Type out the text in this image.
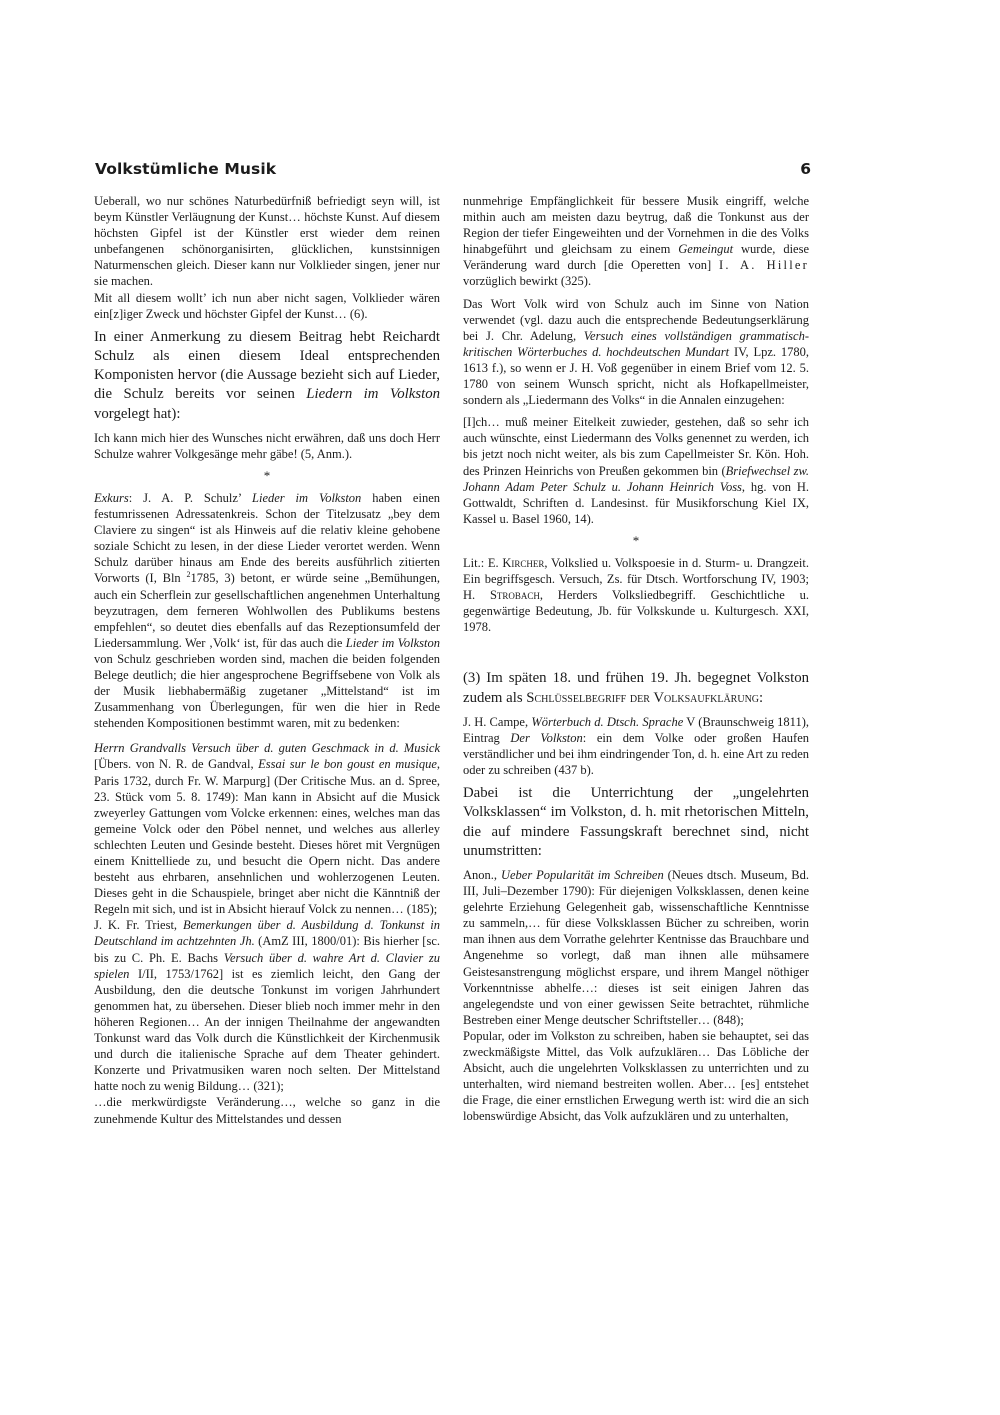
Volkstümliche Musik	6

Ueberall, wo nur schönes Naturbedürfniß befriedigt seyn will, ist beym Künstler Verläugnung der Kunst… höchste Kunst. Auf diesem höchsten Gipfel ist der Künstler erst wieder dem reinen unbefangenen schönorganisirten, glücklichen, kunstsinnigen Naturmenschen gleich. Dieser kann nur Volklieder singen, jener nur sie machen.

Mit all diesem wollt’ ich nun aber nicht sagen, Volklieder wären ein[z]iger Zweck und höchster Gipfel der Kunst… (6).

In einer Anmerkung zu diesem Beitrag hebt Reichardt Schulz als einen diesem Ideal entsprechenden Komponisten hervor (die Aussage bezieht sich auf Lieder, die Schulz bereits vor seinen Liedern im Volkston vorgelegt hat):

Ich kann mich hier des Wunsches nicht erwähren, daß uns doch Herr Schulze wahrer Volkgesänge mehr gäbe! (5, Anm.).

*

Exkurs: J. A. P. Schulz’ Lieder im Volkston haben einen festumrissenen Adressatenkreis. Schon der Titelzusatz „bey dem Claviere zu singen“ ist als Hinweis auf die relativ kleine gehobene soziale Schicht zu lesen, in der diese Lieder verortet werden. Wenn Schulz darüber hinaus am Ende des bereits ausführlich zitierten Vorworts (I, Bln $^2$1785, 3) betont, er würde seine „Bemühungen, auch ein Scherflein zur gesellschaftlichen angenehmen Unterhaltung beyzutragen, dem ferneren Wohlwollen des Publikums bestens empfehlen“, so deutet dies ebenfalls auf das Rezeptionsumfeld der Liedersammlung. Wer ‚Volk‘ ist, für das auch die Lieder im Volkston von Schulz geschrieben worden sind, machen die beiden folgenden Belege deutlich; die hier angesprochene Begriffsebene von Volk als der Musik liebhabermäßig zugetaner „Mittelstand“ ist im Zusammenhang von Überlegungen, für wen die hier in Rede stehenden Kompositionen bestimmt waren, mit zu bedenken:

Herrn Grandvalls Versuch über d. guten Geschmack in d. Musick [Übers. von N. R. de Gandval, Essai sur le bon goust en musique, Paris 1732, durch Fr. W. Marpurg] (Der Critische Mus. an d. Spree, 23. Stück vom 5. 8. 1749): Man kann in Absicht auf die Musick zweyerley Gattungen vom Volcke erkennen: eines, welches man das gemeine Volck oder den Pöbel nennet, und welches aus allerley schlechten Leuten und Gesinde besteht. Dieses höret mit Vergnügen einem Knittelliede zu, und besucht die Opern nicht. Das andere besteht aus ehrbaren, ansehnlichen und wohlerzogenen Leuten. Dieses geht in die Schauspiele, bringet aber nicht die Känntniß der Regeln mit sich, und ist in Absicht hierauf Volck zu nennen… (185);

J. K. Fr. Triest, Bemerkungen über d. Ausbildung d. Tonkunst in Deutschland im achtzehnten Jh. (AmZ III, 1800/01): Bis hierher [sc. bis zu C. Ph. E. Bachs Versuch über d. wahre Art d. Clavier zu spielen I/II, 1753/1762] ist es ziemlich leicht, den Gang der Ausbildung, den die deutsche Tonkunst im vorigen Jahrhundert genommen hat, zu übersehen. Dieser blieb noch immer mehr in den höheren Regionen… An der innigen Theilnahme der angewandten Tonkunst ward das Volk durch die Künstlichkeit der Kirchenmusik und durch die italienische Sprache auf dem Theater gehindert. Konzerte und Privatmusiken waren noch selten. Der Mittelstand hatte noch zu wenig Bildung… (321);

…die merkwürdigste Veränderung…, welche so ganz in die zunehmende Kultur des Mittelstandes und dessen

nunmehrige Empfänglichkeit für bessere Musik eingriff, welche mithin auch am meisten dazu beytrug, daß die Tonkunst aus der Region der tiefer Eingeweihten und der Vornehmen in die des Volks hinabgeführt und gleichsam zu einem Gemeingut wurde, diese Veränderung ward durch [die Operetten von] I. A. Hiller vorzüglich bewirkt (325).

Das Wort Volk wird von Schulz auch im Sinne von Nation verwendet (vgl. dazu auch die entsprechende Bedeutungserklärung bei J. Chr. Adelung, Versuch eines vollständigen grammatisch-kritischen Wörterbuches d. hochdeutschen Mundart IV, Lpz. 1780, 1613 f.), so wenn er J. H. Voß gegenüber in einem Brief vom 12. 5. 1780 von seinem Wunsch spricht, nicht als Hofkapellmeister, sondern als „Liedermann des Volks“ in die Annalen einzugehen:

[I]ch… muß meiner Eitelkeit zuwieder, gestehen, daß so sehr ich auch wünschte, einst Liedermann des Volks genennet zu werden, ich bis jetzt noch nicht weiter, als bis zum Capellmeister Sr. Kön. Hoh. des Prinzen Heinrichs von Preußen gekommen bin (Briefwechsel zw. Johann Adam Peter Schulz u. Johann Heinrich Voss, hg. von H. Gottwaldt, Schriften d. Landesinst. für Musikforschung Kiel IX, Kassel u. Basel 1960, 14).

*

Lit.: E. Kircher, Volkslied u. Volkspoesie in d. Sturm- u. Drangzeit. Ein begriffsgesch. Versuch, Zs. für Dtsch. Wortforschung IV, 1903; H. Strobach, Herders Volksliedbegriff. Geschichtliche u. gegenwärtige Bedeutung, Jb. für Volkskunde u. Kulturgesch. XXI, 1978.

(3) Im späten 18. und frühen 19. Jh. begegnet Volkston zudem als Schlüsselbegriff der Volksaufklärung:

J. H. Campe, Wörterbuch d. Dtsch. Sprache V (Braunschweig 1811), Eintrag Der Volkston: ein dem Volke oder großen Haufen verständlicher und bei ihm eindringender Ton, d. h. eine Art zu reden oder zu schreiben (437 b).

Dabei ist die Unterrichtung der „ungelehrten Volksklassen“ im Volkston, d. h. mit rhetorischen Mitteln, die auf mindere Fassungskraft berechnet sind, nicht unumstritten:

Anon., Ueber Popularität im Schreiben (Neues dtsch. Museum, Bd. III, Juli–Dezember 1790): Für diejenigen Volksklassen, denen keine gelehrte Erziehung Gelegenheit gab, wissenschaftliche Kenntnisse zu sammeln,… für diese Volksklassen Bücher zu schreiben, worin man ihnen aus dem Vorrathe gelehrter Kentnisse das Brauchbare und Angenehme so vorlegt, daß man ihnen alle mühsamere Geistesanstrengung möglichst erspare, und ihrem Mangel nöthiger Vorkenntnisse abhelfe…: dieses ist seit einigen Jahren das angelegendste und von einer gewissen Seite betrachtet, rühmliche Bestreben einer Menge deutscher Schriftsteller… (848);

Popular, oder im Volkston zu schreiben, haben sie behauptet, sei das zweckmäßigste Mittel, das Volk aufzuklären… Das Löbliche der Absicht, auch die ungelehrten Volksklassen zu unterrichten und zu unterhalten, wird niemand bestreiten wollen. Aber… [es] entstehet die Frage, die einer ernstlichen Erwegung werth ist: wird die an sich lobenswürdige Absicht, das Volk aufzuklären und zu unterhalten,
